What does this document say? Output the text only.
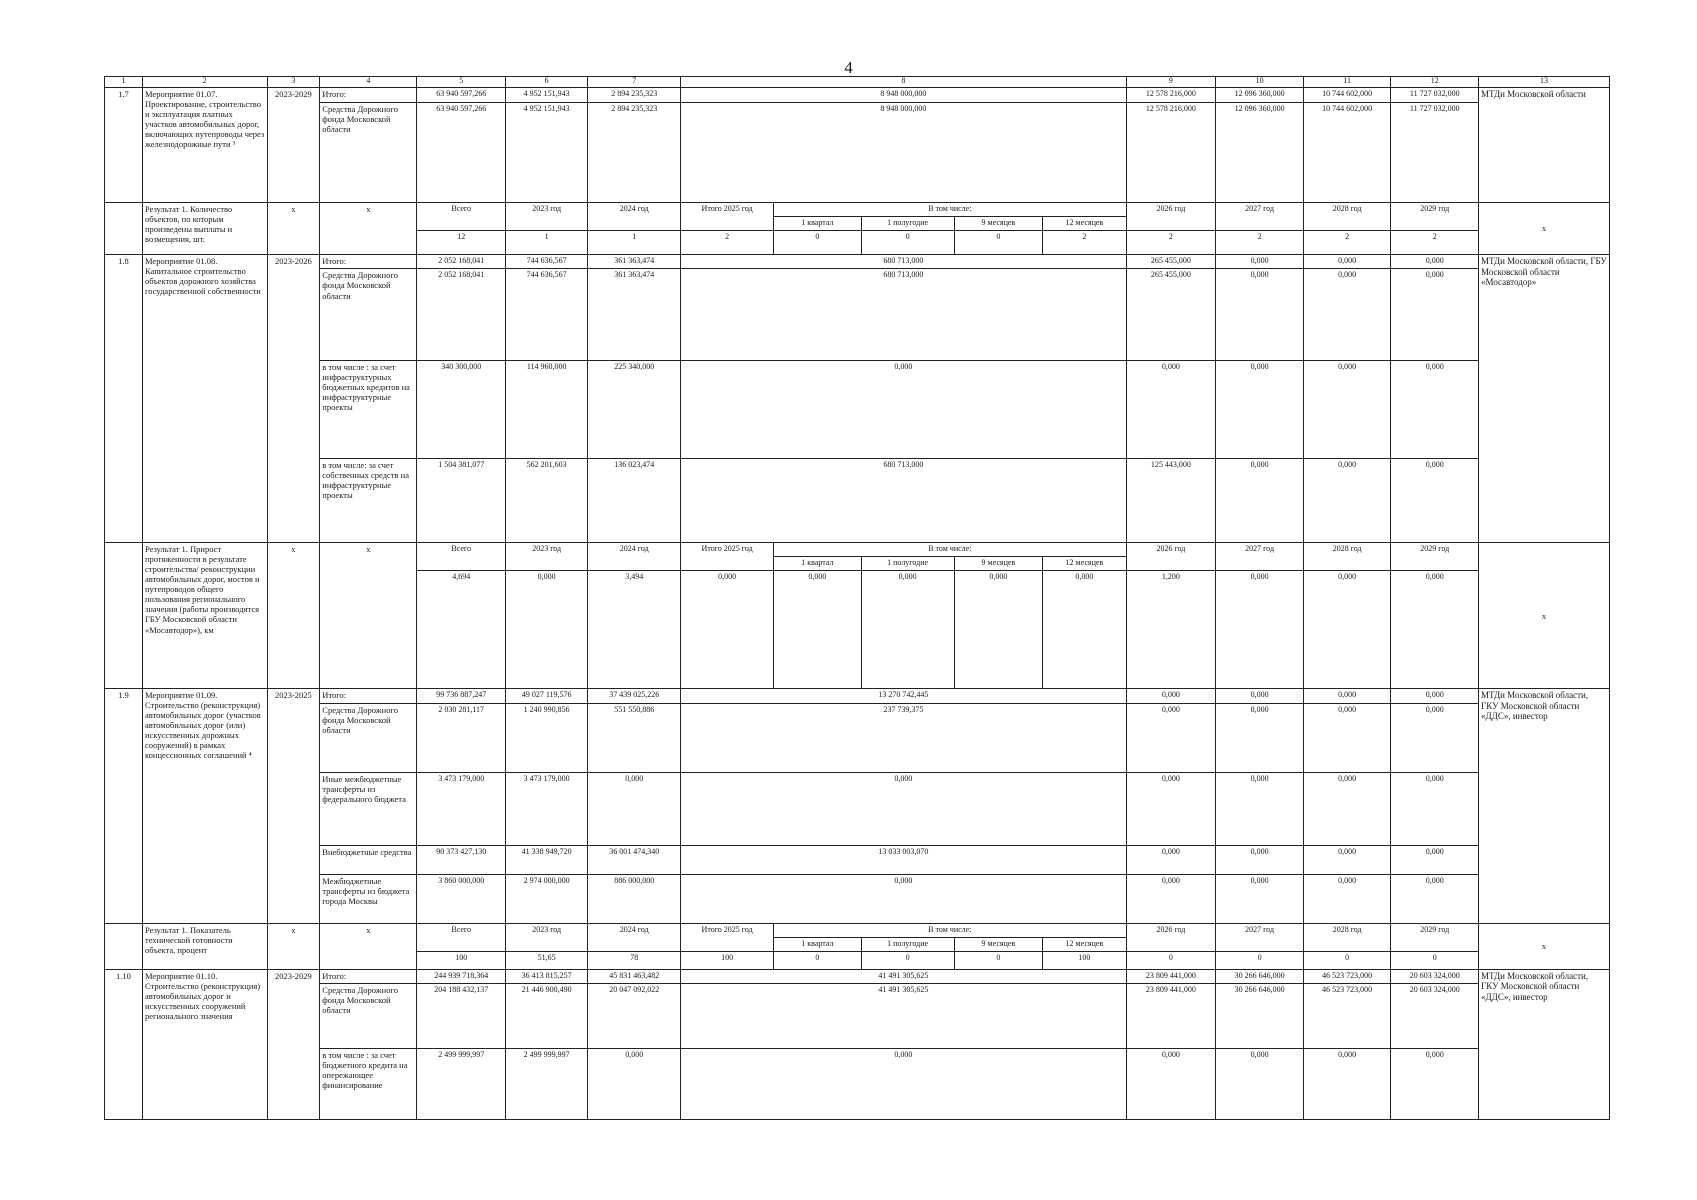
4
1	2	3	4	5	6	7	8					9	10	11	12	13
1.7	Мероприятие 01.07. Проектирование, строительство и эксплуатация платных участков автомобильных дорог, включающих путепроводы через железнодорожные пути ³	2023-2029	Итого:	63 940 597,266	4 952 151,943	2 894 235,323	8 948 000,000					12 578 216,000	12 096 360,000	10 744 602,000	11 727 032,000	МТДи Московской области
			Средства Дорожного фонда Московской области	63 940 597,266	4 952 151,943	2 894 235,323	8 948 000,000					12 578 216,000	12 096 360,000	10 744 602,000	11 727 032,000	
	Результат 1. Количество объектов, по которым произведены выплаты и возмещения, шт.	x	x	Всего	2023 год	2024 год	Итого 2025 год	В том числе:				2026 год	2027 год	2028 год	2029 год	x
								1 квартал	1 полугодие	9 месяцев	12 месяцев					
				12	1	1	2	0	0	0	2	2	2	2	2	
1.8	Мероприятие 01.08. Капитальное строительство объектов дорожного хозяйства государственной собственности	2023-2026	Итого:	2 052 168,041	744 636,567	361 363,474	680 713,000					265 455,000	0,000	0,000	0,000	МТДи Московской области, ГБУ Московской области «Мосавтодор»
			Средства Дорожного фонда Московской области	2 052 168,041	744 636,567	361 363,474	680 713,000					265 455,000	0,000	0,000	0,000	
			в том числе : за счет инфраструктурных бюджетных кредитов на инфраструктурные проекты	340 300,000	114 960,000	225 340,000	0,000					0,000	0,000	0,000	0,000	
			в том числе: за счет собственных средств на инфраструктурные проекты	1 504 381,077	562 201,603	136 023,474	680 713,000					125 443,000	0,000	0,000	0,000	
	Результат 1. Прирост протяженности в результате строительства/ реконструкции автомобильных дорог, мостов и путепроводов общего пользования регионального значения (работы производятся ГБУ Московской области «Мосавтодор»), км	x	x	Всего	2023 год	2024 год	Итого 2025 год	В том числе:				2026 год	2027 год	2028 год	2029 год	x
								1 квартал	1 полугодие	9 месяцев	12 месяцев					
				4,694	0,000	3,494	0,000	0,000	0,000	0,000	0,000	1,200	0,000	0,000	0,000	
1.9	Мероприятие 01.09. Строительство (реконструкция) автомобильных дорог (участков автомобильных дорог (или) искусственных дорожных сооружений) в рамках концессионных соглашений ⁴	2023-2025	Итого:	99 736 887,247	49 027 119,576	37 439 025,226	13 270 742,445					0,000	0,000	0,000	0,000	МТДи Московской области, ГКУ Московской области «ДДС», инвестор
			Средства Дорожного фонда Московской области	2 030 281,117	1 240 990,856	551 550,886	237 739,375					0,000	0,000	0,000	0,000	
			Иные межбюджетные трансферты из федерального бюджета	3 473 179,000	3 473 179,000	0,000	0,000					0,000	0,000	0,000	0,000	
			Внебюджетные средства	90 373 427,130	41 338 949,720	36 001 474,340	13 033 003,070					0,000	0,000	0,000	0,000	
			Межбюджетные трансферты из бюджета города Москвы	3 860 000,000	2 974 000,000	886 000,000	0,000					0,000	0,000	0,000	0,000	
	Результат 1. Показатель технической готовности объекта, процент	x	x	Всего	2023 год	2024 год	Итого 2025 год	В том числе:				2026 год	2027 год	2028 год	2029 год	x
								1 квартал	1 полугодие	9 месяцев	12 месяцев					
				100	51,65	78	100	0	0	0	100	0	0	0	0	
1.10	Мероприятие 01.10. Строительство (реконструкция) автомобильных дорог и искусственных сооружений регионального значения	2023-2029	Итого:	244 939 718,364	36 413 815,257	45 831 463,482	41 491 305,625					23 809 441,000	30 266 646,000	46 523 723,000	20 603 324,000	МТДи Московской области, ГКУ Московской области «ДДС», инвестор
			Средства Дорожного фонда Московской области	204 188 432,137	21 446 900,490	20 047 092,022	41 491 305,625					23 809 441,000	30 266 646,000	46 523 723,000	20 603 324,000	
			в том числе : за счет бюджетного кредита на опережающее финансирование	2 499 999,997	2 499 999,997	0,000	0,000					0,000	0,000	0,000	0,000	
